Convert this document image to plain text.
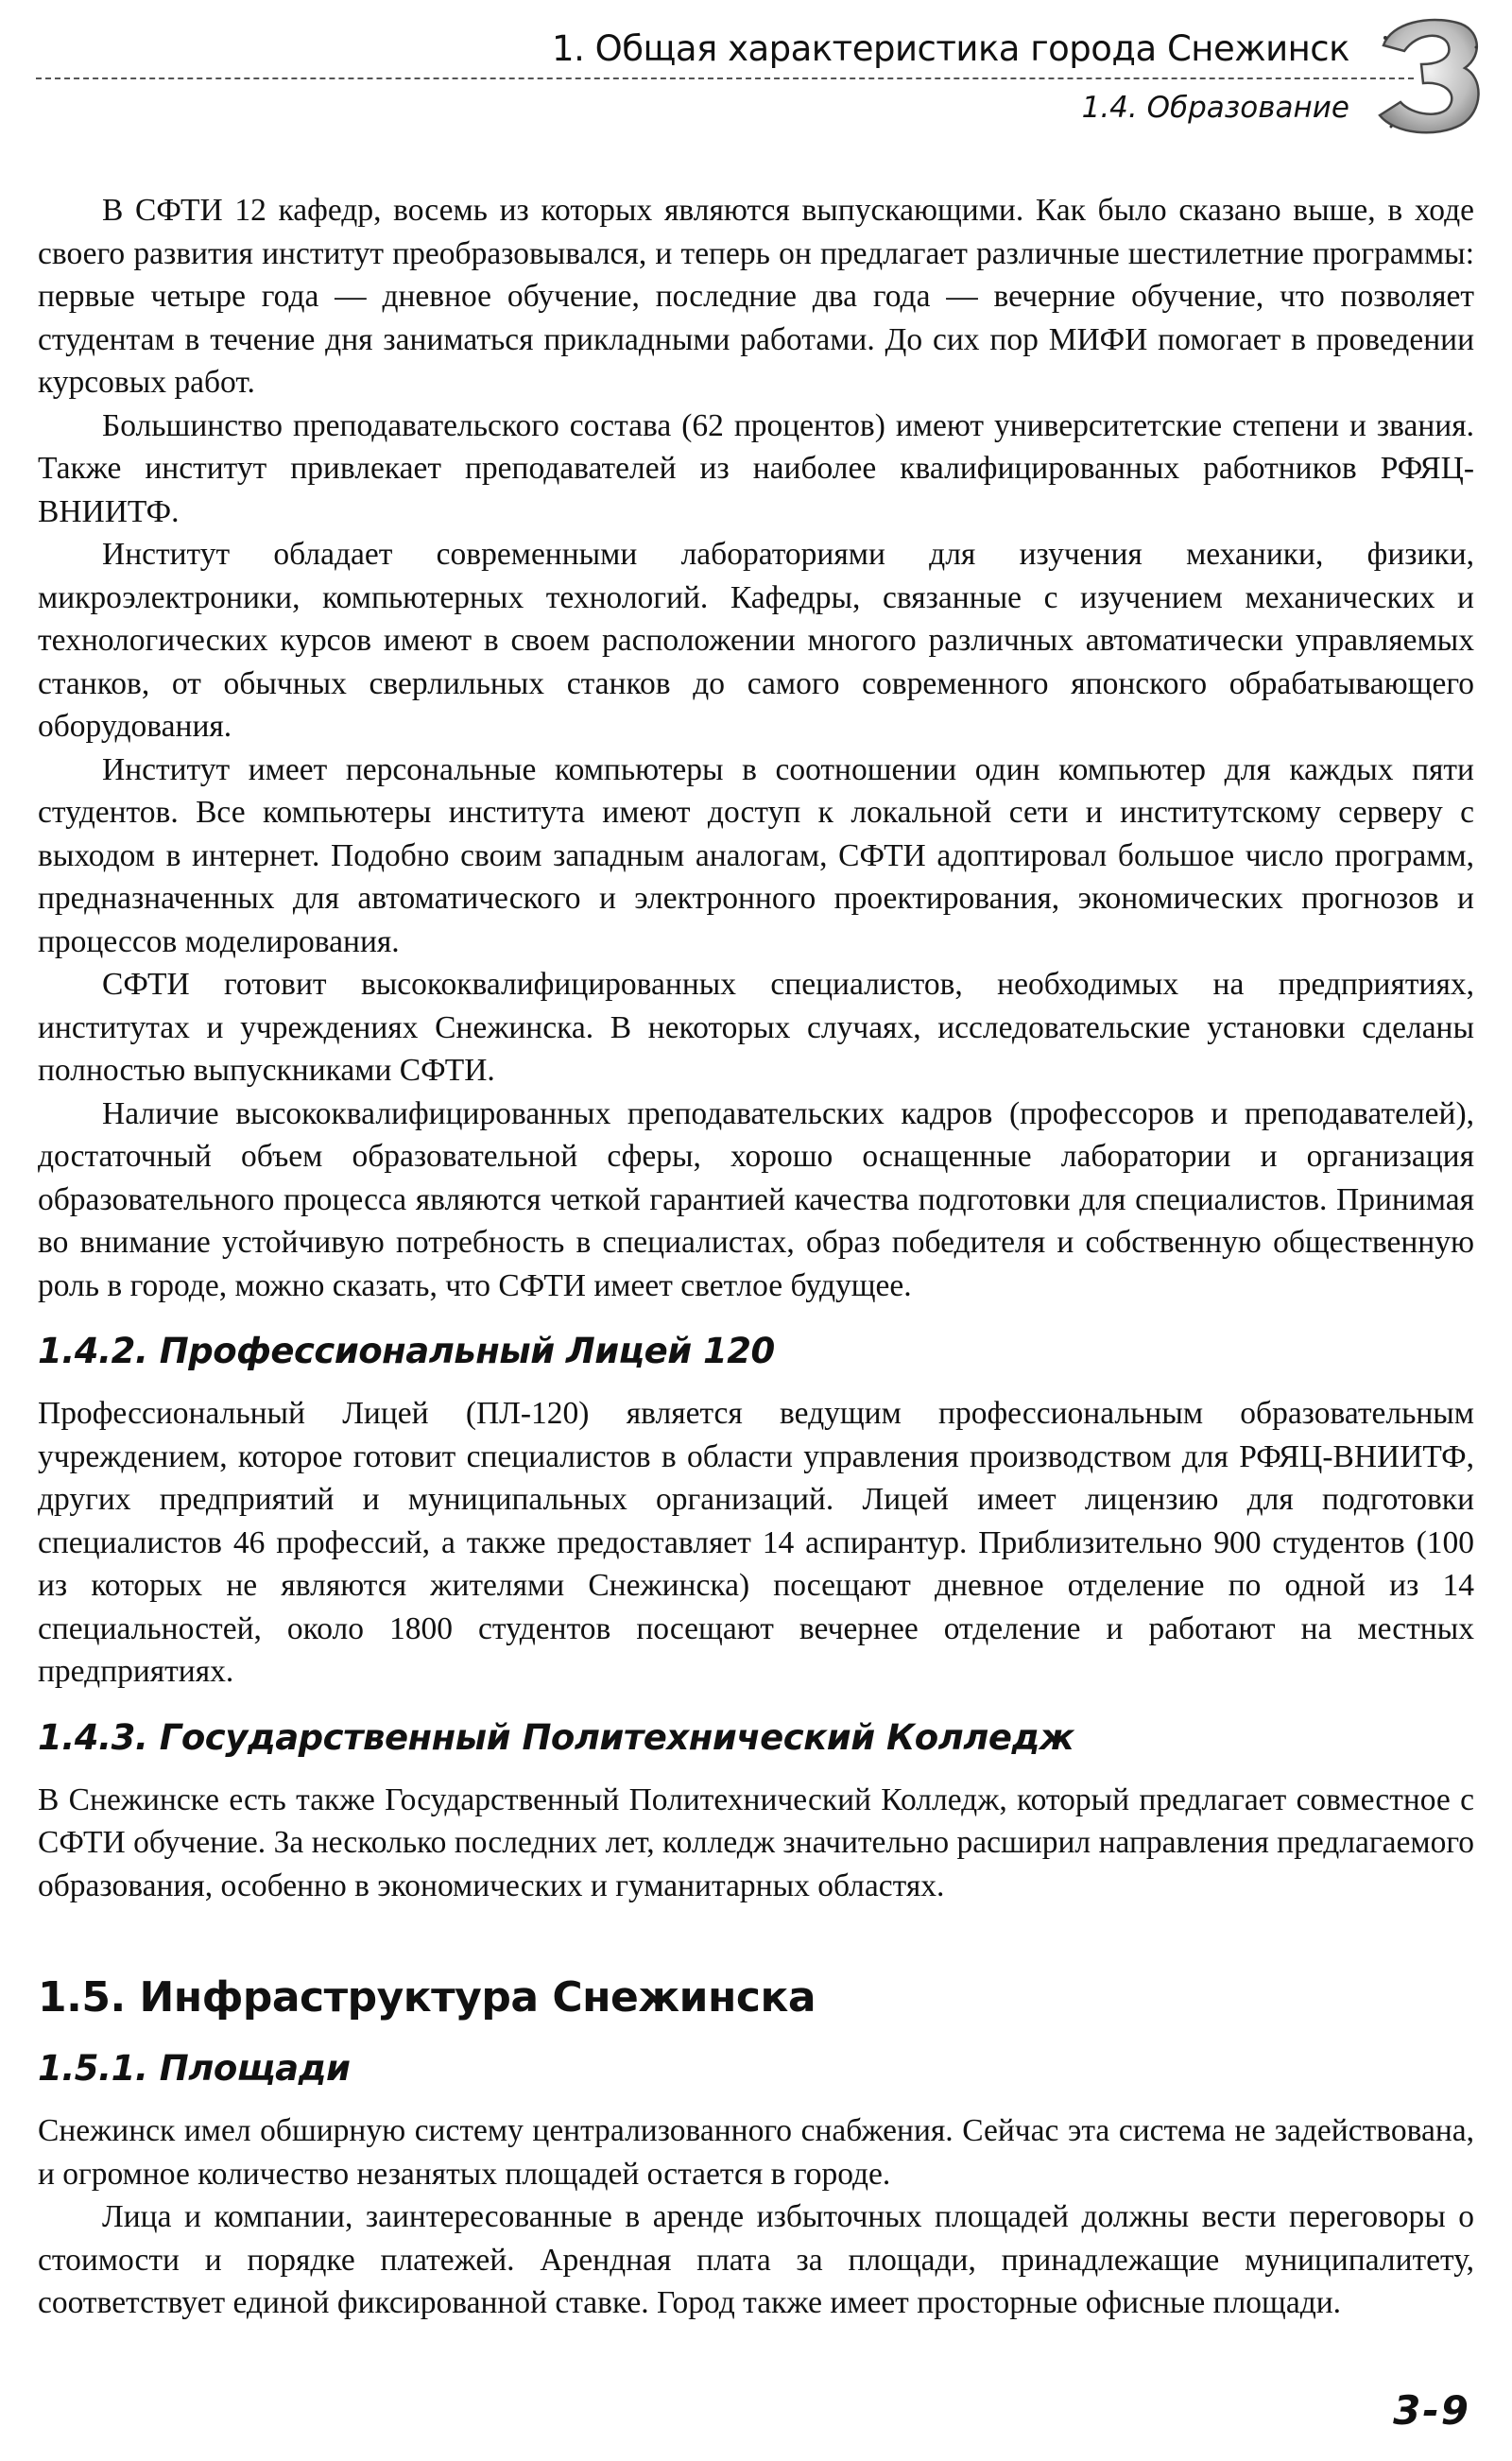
1. Общая характеристика города Снежинск
1.4. Образование

В СФТИ 12 кафедр, восемь из которых являются выпускающими. Как было сказано выше, в ходе своего развития институт преобразовывался, и теперь он предлагает различные шестилетние программы: первые четыре года — дневное обучение, последние два года — вечерние обучение, что позволяет студентам в течение дня заниматься прикладными работами. До сих пор МИФИ помогает в проведении курсовых работ.

Большинство преподавательского состава (62 процентов) имеют университетские степени и звания. Также институт привлекает преподавателей из наиболее квалифицированных работников РФЯЦ-ВНИИТФ.

Институт обладает современными лабораториями для изучения механики, физики, микроэлектроники, компьютерных технологий. Кафедры, связанные с изучением механических и технологических курсов имеют в своем расположении многого различных автоматически управляемых станков, от обычных сверлильных станков до самого современного японского обрабатывающего оборудования.

Институт имеет персональные компьютеры в соотношении один компьютер для каждых пяти студентов. Все компьютеры института имеют доступ к локальной сети и институтскому серверу с выходом в интернет. Подобно своим западным аналогам, СФТИ адоптировал большое число программ, предназначенных для автоматического и электронного проектирования, экономических прогнозов и процессов моделирования.

СФТИ готовит высококвалифицированных специалистов, необходимых на предприятиях, институтах и учреждениях Снежинска. В некоторых случаях, исследовательские установки сделаны полностью выпускниками СФТИ.

Наличие высококвалифицированных преподавательских кадров (профессоров и преподавателей), достаточный объем образовательной сферы, хорошо оснащенные лаборатории и организация образовательного процесса являются четкой гарантией качества подготовки для специалистов. Принимая во внимание устойчивую потребность в специалистах, образ победителя и собственную общественную роль в городе, можно сказать, что СФТИ имеет светлое будущее.

1.4.2. Профессиональный Лицей 120

Профессиональный Лицей (ПЛ-120) является ведущим профессиональным образовательным учреждением, которое готовит специалистов в области управления производством для РФЯЦ-ВНИИТФ, других предприятий и муниципальных организаций. Лицей имеет лицензию для подготовки специалистов 46 профессий, а также предоставляет 14 аспирантур. Приблизительно 900 студентов (100 из которых не являются жителями Снежинска) посещают дневное отделение по одной из 14 специальностей, около 1800 студентов посещают вечернее отделение и работают на местных предприятиях.

1.4.3. Государственный Политехнический Колледж

В Снежинске есть также Государственный Политехнический Колледж, который предлагает совместное с СФТИ обучение. За несколько последних лет, колледж значительно расширил направления предлагаемого образования, особенно в экономических и гуманитарных областях.

1.5. Инфраструктура Снежинска
1.5.1. Площади

Снежинск имел обширную систему централизованного снабжения. Сейчас эта система не задействована, и огромное количество незанятых площадей остается в городе.

Лица и компании, заинтересованные в аренде избыточных площадей должны вести переговоры о стоимости и порядке платежей. Арендная плата за площади, принадлежащие муниципалитету, соответствует единой фиксированной ставке. Город также имеет просторные офисные площади.

3-9
